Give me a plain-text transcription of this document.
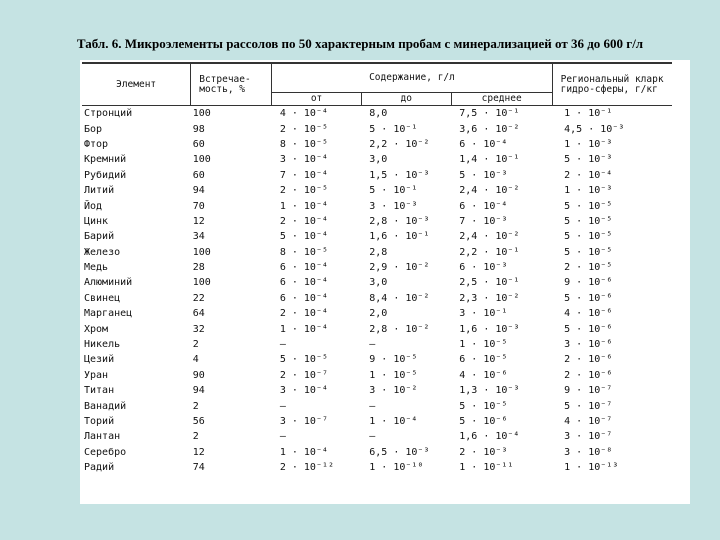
Табл. 6. Микроэлементы рассолов по 50 характерным пробам с минерализацией от 36 до 600 г/л
Элемент	Встречае-мость, %	Содержание, г/л			Региональный кларк гидро-сферы, г/кг
		от	до	среднее	
Стронций	100	4 · 10⁻⁴	8,0	7,5 · 10⁻¹	1 · 10⁻¹
Бор	98	2 · 10⁻⁵	5 · 10⁻¹	3,6 · 10⁻²	4,5 · 10⁻³
Фтор	60	8 · 10⁻⁵	2,2 · 10⁻²	6 · 10⁻⁴	1 · 10⁻³
Кремний	100	3 · 10⁻⁴	3,0	1,4 · 10⁻¹	5 · 10⁻³
Рубидий	60	7 · 10⁻⁴	1,5 · 10⁻³	5 · 10⁻³	2 · 10⁻⁴
Литий	94	2 · 10⁻⁵	5 · 10⁻¹	2,4 · 10⁻²	1 · 10⁻³
Йод	70	1 · 10⁻⁴	3 · 10⁻³	6 · 10⁻⁴	5 · 10⁻⁵
Цинк	12	2 · 10⁻⁴	2,8 · 10⁻³	7 · 10⁻³	5 · 10⁻⁵
Барий	34	5 · 10⁻⁴	1,6 · 10⁻¹	2,4 · 10⁻²	5 · 10⁻⁵
Железо	100	8 · 10⁻⁵	2,8	2,2 · 10⁻¹	5 · 10⁻⁵
Медь	28	6 · 10⁻⁴	2,9 · 10⁻²	6 · 10⁻³	2 · 10⁻⁵
Алюминий	100	6 · 10⁻⁴	3,0	2,5 · 10⁻¹	9 · 10⁻⁶
Свинец	22	6 · 10⁻⁴	8,4 · 10⁻²	2,3 · 10⁻²	5 · 10⁻⁶
Марганец	64	2 · 10⁻⁴	2,0	3 · 10⁻¹	4 · 10⁻⁶
Хром	32	1 · 10⁻⁴	2,8 · 10⁻²	1,6 · 10⁻³	5 · 10⁻⁶
Никель	2	—	—	1 · 10⁻⁵	3 · 10⁻⁶
Цезий	4	5 · 10⁻⁵	9 · 10⁻⁵	6 · 10⁻⁵	2 · 10⁻⁶
Уран	90	2 · 10⁻⁷	1 · 10⁻⁵	4 · 10⁻⁶	2 · 10⁻⁶
Титан	94	3 · 10⁻⁴	3 · 10⁻²	1,3 · 10⁻³	9 · 10⁻⁷
Ванадий	2	—	—	5 · 10⁻⁵	5 · 10⁻⁷
Торий	56	3 · 10⁻⁷	1 · 10⁻⁴	5 · 10⁻⁶	4 · 10⁻⁷
Лантан	2	—	—	1,6 · 10⁻⁴	3 · 10⁻⁷
Серебро	12	1 · 10⁻⁴	6,5 · 10⁻³	2 · 10⁻³	3 · 10⁻⁸
Радий	74	2 · 10⁻¹²	1 · 10⁻¹⁰	1 · 10⁻¹¹	1 · 10⁻¹³
